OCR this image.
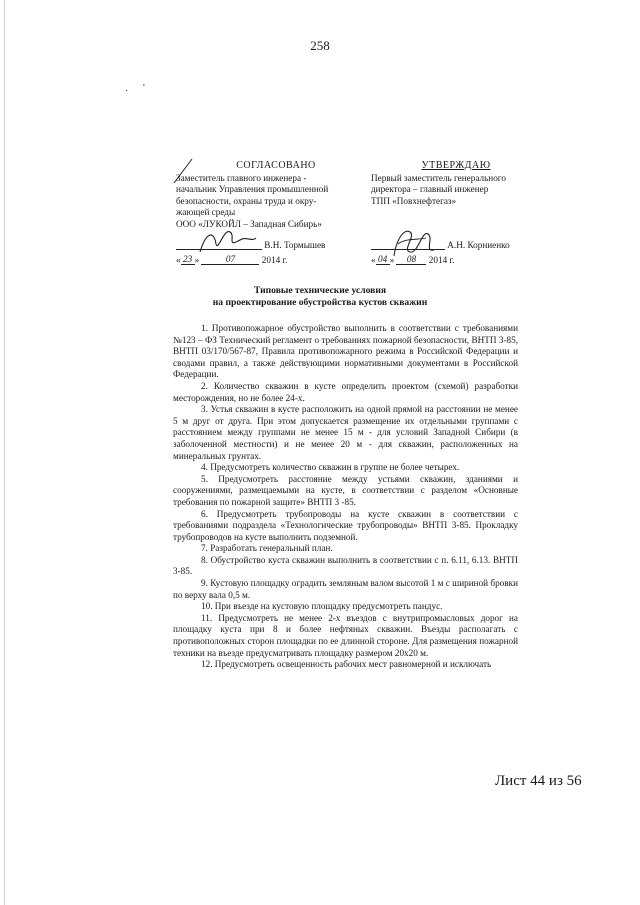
258
· '
СОГЛАСОВАНО
Заместитель главного инженера -
начальник Управления промышленной
безопасности, охраны труда и окру-
жающей среды
ООО «ЛУКОЙЛ – Западная Сибирь»
В.Н. Тормышев
« 23 »	07	2014 г.
УТВЕРЖДАЮ
Первый заместитель генерального
директора – главный инженер
ТПП «Повхнефтегаз»
А.Н. Корниенко
« 04 » 08 2014 г.
Типовые технические условия
на проектирование обустройства кустов скважин

1. Противопожарное обустройство выполнить в соответствии с требованиями №123 – ФЗ Технический регламент о требованиях пожарной безопасности, ВНТП 3-85, ВНТП 03/170/567-87, Правила противопожарного режима в Российской Федерации и сводами правил, а также действующими нормативными документами в Российской Федерации.

2. Количество скважин в кусте определить проектом (схемой) разработки месторождения, но не более 24-х.

3. Устья скважин в кусте расположить на одной прямой на расстоянии не менее 5 м друг от друга. При этом допускается размещение их отдельными группами с расстоянием между группами не менее 15 м - для условий Западной Сибири (в заболоченной местности) и не менее 20 м - для скважин, расположенных на минеральных грунтах.

4. Предусмотреть количество скважин в группе не более четырех.

5. Предусмотреть расстояние между устьями скважин, зданиями и сооружениями, размещаемыми на кусте, в соответствии с разделом «Основные требования по пожарной защите» ВНТП 3 -85.

6. Предусмотреть трубопроводы на кусте скважин в соответствии с требованиями подраздела «Технологические трубопроводы» ВНТП 3-85. Прокладку трубопроводов на кусте выполнить подземной.

7. Разработать генеральный план.

8. Обустройство куста скважин выполнить в соответствии с п. 6.11, 6.13. ВНТП 3-85.

9. Кустовую площадку оградить земляным валом высотой 1 м с шириной бровки по верху вала 0,5 м.

10. При въезде на кустовую площадку предусмотреть пандус.

11. Предусмотреть не менее 2-х въездов с внутрипромысловых дорог на площадку куста при 8 и более нефтяных скважин. Въезды располагать с противоположных сторон площадки по ее длинной стороне. Для размещения пожарной техники на въезде предусматривать площадку размером 20х20 м.

12. Предусмотреть освещенность рабочих мест равномерной и исключать

Лист 44 из 56
